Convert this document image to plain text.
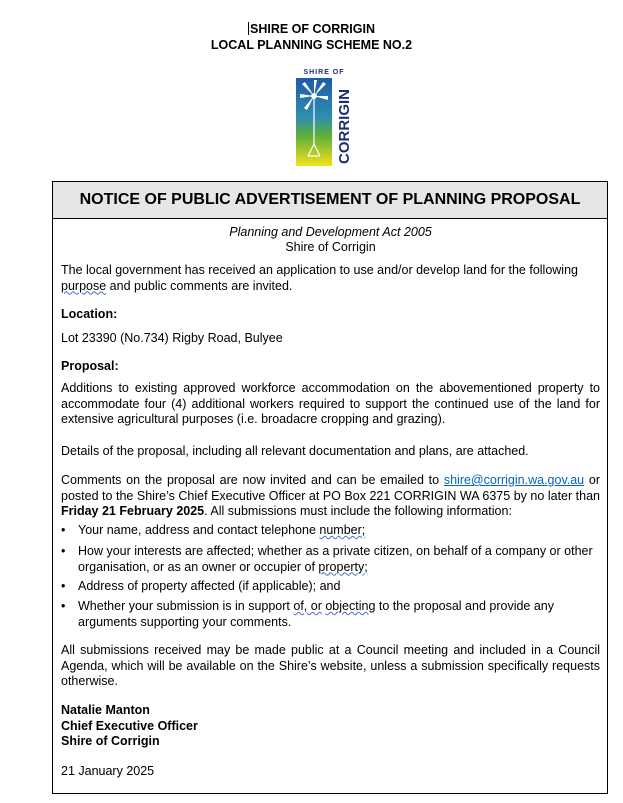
SHIRE OF CORRIGIN
LOCAL PLANNING SCHEME NO.2
SHIRE OF
CORRIGIN
NOTICE OF PUBLIC ADVERTISEMENT OF PLANNING PROPOSAL
Planning and Development Act 2005
Shire of Corrigin
The local government has received an application to use and/or develop land for the following purpose and public comments are invited.
Location:
Lot 23390 (No.734) Rigby Road, Bulyee
Proposal:
Additions to existing approved workforce accommodation on the abovementioned property to accommodate four (4) additional workers required to support the continued use of the land for extensive agricultural purposes (i.e. broadacre cropping and grazing).
Details of the proposal, including all relevant documentation and plans, are attached.
Comments on the proposal are now invited and can be emailed to shire@corrigin.wa.gov.au or posted to the Shire’s Chief Executive Officer at PO Box 221 CORRIGIN WA 6375 by no later than Friday 21 February 2025. All submissions must include the following information:
• Your name, address and contact telephone number;
• How your interests are affected; whether as a private citizen, on behalf of a company or other organisation, or as an owner or occupier of property;
• Address of property affected (if applicable); and
• Whether your submission is in support of, or objecting to the proposal and provide any arguments supporting your comments.
All submissions received may be made public at a Council meeting and included in a Council Agenda, which will be available on the Shire’s website, unless a submission specifically requests otherwise.
Natalie Manton
Chief Executive Officer
Shire of Corrigin
21 January 2025
